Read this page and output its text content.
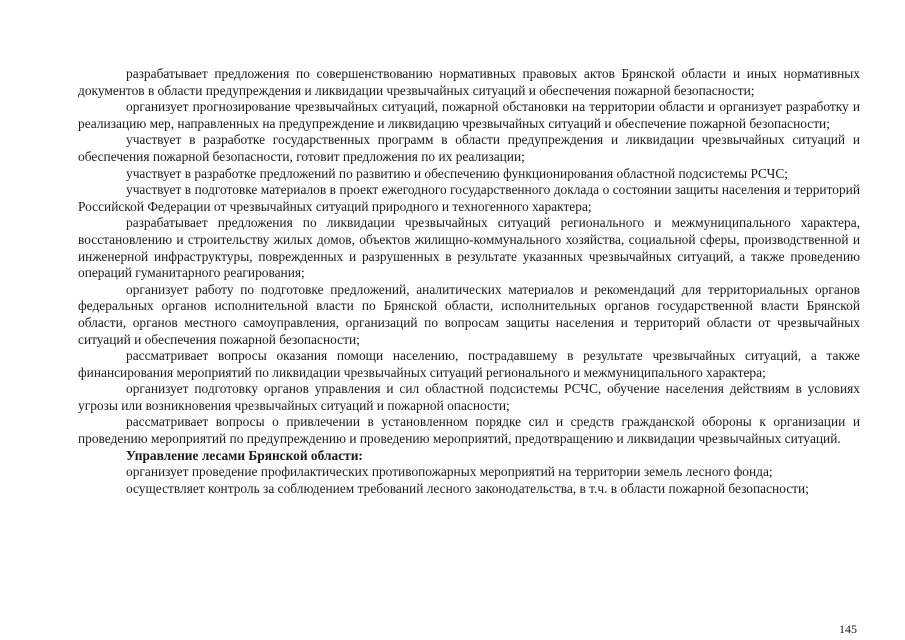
разрабатывает предложения по совершенствованию нормативных правовых актов Брянской области и иных нормативных документов в области предупреждения и ликвидации чрезвычайных ситуаций и обеспечения пожарной безопасности;

организует прогнозирование чрезвычайных ситуаций, пожарной обстановки на территории области и организует разработку и реализацию мер, направленных на предупреждение и ликвидацию чрезвычайных ситуаций и обеспечение пожарной безопасности;

участвует в разработке государственных программ в области предупреждения и ликвидации чрезвычайных ситуаций и обеспечения пожарной безопасности, готовит предложения по их реализации;

участвует в разработке предложений по развитию и обеспечению функционирования областной подсистемы РСЧС;

участвует в подготовке материалов в проект ежегодного государственного доклада о состоянии защиты населения и территорий Российской Федерации от чрезвычайных ситуаций природного и техногенного характера;

разрабатывает предложения по ликвидации чрезвычайных ситуаций регионального и межмуниципального характера, восстановлению и строительству жилых домов, объектов жилищно-коммунального хозяйства, социальной сферы, производственной и инженерной инфраструктуры, поврежденных и разрушенных в результате указанных чрезвычайных ситуаций, а также проведению операций гуманитарного реагирования;

организует работу по подготовке предложений, аналитических материалов и рекомендаций для территориальных органов федеральных органов исполнительной власти по Брянской области, исполнительных органов государственной власти Брянской области, органов местного самоуправления, организаций по вопросам защиты населения и территорий области от чрезвычайных ситуаций и обеспечения пожарной безопасности;

рассматривает вопросы оказания помощи населению, пострадавшему в результате чрезвычайных ситуаций, а также финансирования мероприятий по ликвидации чрезвычайных ситуаций регионального и межмуниципального характера;

организует подготовку органов управления и сил областной подсистемы РСЧС, обучение населения действиям в условиях угрозы или возникновения чрезвычайных ситуаций и пожарной опасности;

рассматривает вопросы о привлечении в установленном порядке сил и средств гражданской обороны к организации и проведению мероприятий по предупреждению и проведению мероприятий, предотвращению и ликвидации чрезвычайных ситуаций.

Управление лесами Брянской области:

организует проведение профилактических противопожарных мероприятий на территории земель лесного фонда;

осуществляет контроль за соблюдением требований лесного законодательства, в т.ч. в области пожарной безопасности;

145
